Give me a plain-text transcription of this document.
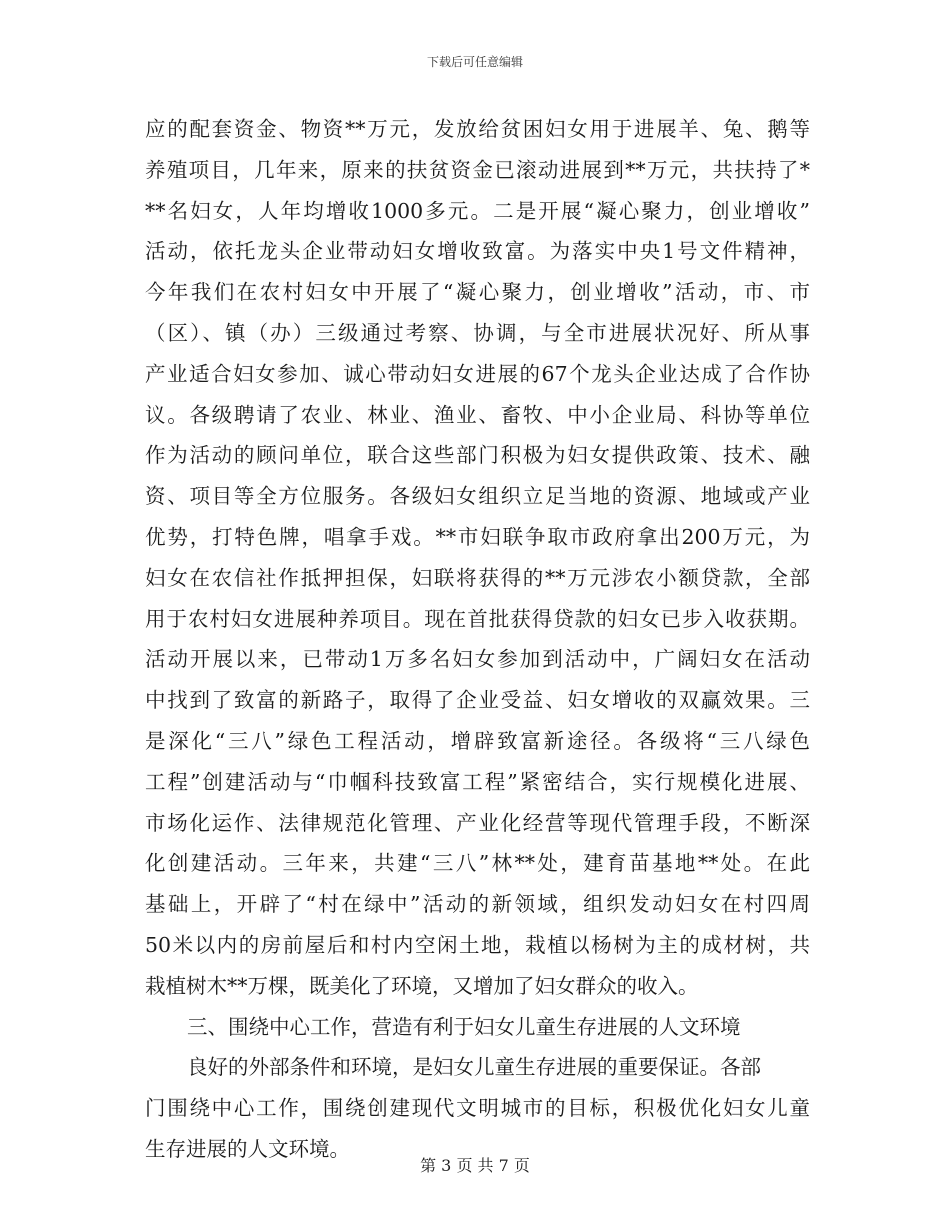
下载后可任意编辑
应的配套资金、物资**万元，发放给贫困妇女用于进展羊、兔、鹅等
养殖项目，几年来，原来的扶贫资金已滚动进展到**万元，共扶持了*
**名妇女，人年均增收1000多元。二是开展“凝心聚力，创业增收”
活动，依托龙头企业带动妇女增收致富。为落实中央1号文件精神，
今年我们在农村妇女中开展了“凝心聚力，创业增收”活动，市、市
（区）、镇（办）三级通过考察、协调，与全市进展状况好、所从事
产业适合妇女参加、诚心带动妇女进展的67个龙头企业达成了合作协
议。各级聘请了农业、林业、渔业、畜牧、中小企业局、科协等单位
作为活动的顾问单位，联合这些部门积极为妇女提供政策、技术、融
资、项目等全方位服务。各级妇女组织立足当地的资源、地域或产业
优势，打特色牌，唱拿手戏。**市妇联争取市政府拿出200万元，为
妇女在农信社作抵押担保，妇联将获得的**万元涉农小额贷款，全部
用于农村妇女进展种养项目。现在首批获得贷款的妇女已步入收获期。
活动开展以来，已带动1万多名妇女参加到活动中，广阔妇女在活动
中找到了致富的新路子，取得了企业受益、妇女增收的双赢效果。三
是深化“三八”绿色工程活动，增辟致富新途径。各级将“三八绿色
工程”创建活动与“巾帼科技致富工程”紧密结合，实行规模化进展、
市场化运作、法律规范化管理、产业化经营等现代管理手段，不断深
化创建活动。三年来，共建“三八”林**处，建育苗基地**处。在此
基础上，开辟了“村在绿中”活动的新领域，组织发动妇女在村四周
50米以内的房前屋后和村内空闲土地，栽植以杨树为主的成材树，共
栽植树木**万棵，既美化了环境，又增加了妇女群众的收入。
三、围绕中心工作，营造有利于妇女儿童生存进展的人文环境
良好的外部条件和环境，是妇女儿童生存进展的重要保证。各部
门围绕中心工作，围绕创建现代文明城市的目标，积极优化妇女儿童
生存进展的人文环境。
第 3 页 共 7 页
